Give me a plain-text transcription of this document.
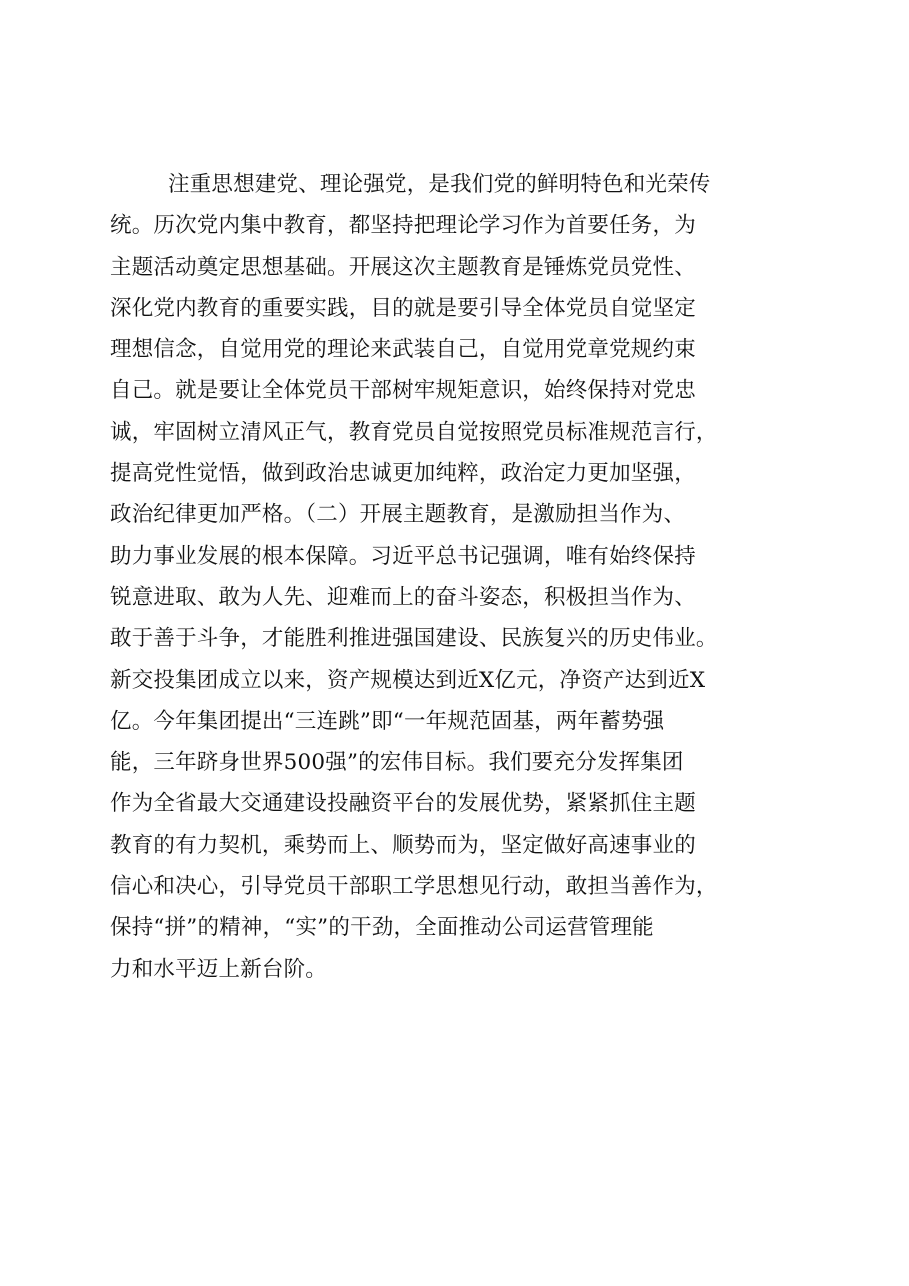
注重思想建党、理论强党，是我们党的鲜明特色和光荣传
统。历次党内集中教育，都坚持把理论学习作为首要任务，为
主题活动奠定思想基础。开展这次主题教育是锤炼党员党性、
深化党内教育的重要实践，目的就是要引导全体党员自觉坚定
理想信念，自觉用党的理论来武装自己，自觉用党章党规约束
自己。就是要让全体党员干部树牢规矩意识，始终保持对党忠
诚，牢固树立清风正气，教育党员自觉按照党员标准规范言行，
提高党性觉悟，做到政治忠诚更加纯粹，政治定力更加坚强，
政治纪律更加严格。（二）开展主题教育，是激励担当作为、
助力事业发展的根本保障。习近平总书记强调，唯有始终保持
锐意进取、敢为人先、迎难而上的奋斗姿态，积极担当作为、
敢于善于斗争，才能胜利推进强国建设、民族复兴的历史伟业。
新交投集团成立以来，资产规模达到近X亿元，净资产达到近X
亿。今年集团提出“三连跳”即“一年规范固基，两年蓄势强
能，三年跻身世界500强”的宏伟目标。我们要充分发挥集团
作为全省最大交通建设投融资平台的发展优势，紧紧抓住主题
教育的有力契机，乘势而上、顺势而为，坚定做好高速事业的
信心和决心，引导党员干部职工学思想见行动，敢担当善作为，
保持“拼”的精神，“实”的干劲，全面推动公司运营管理能
力和水平迈上新台阶。
